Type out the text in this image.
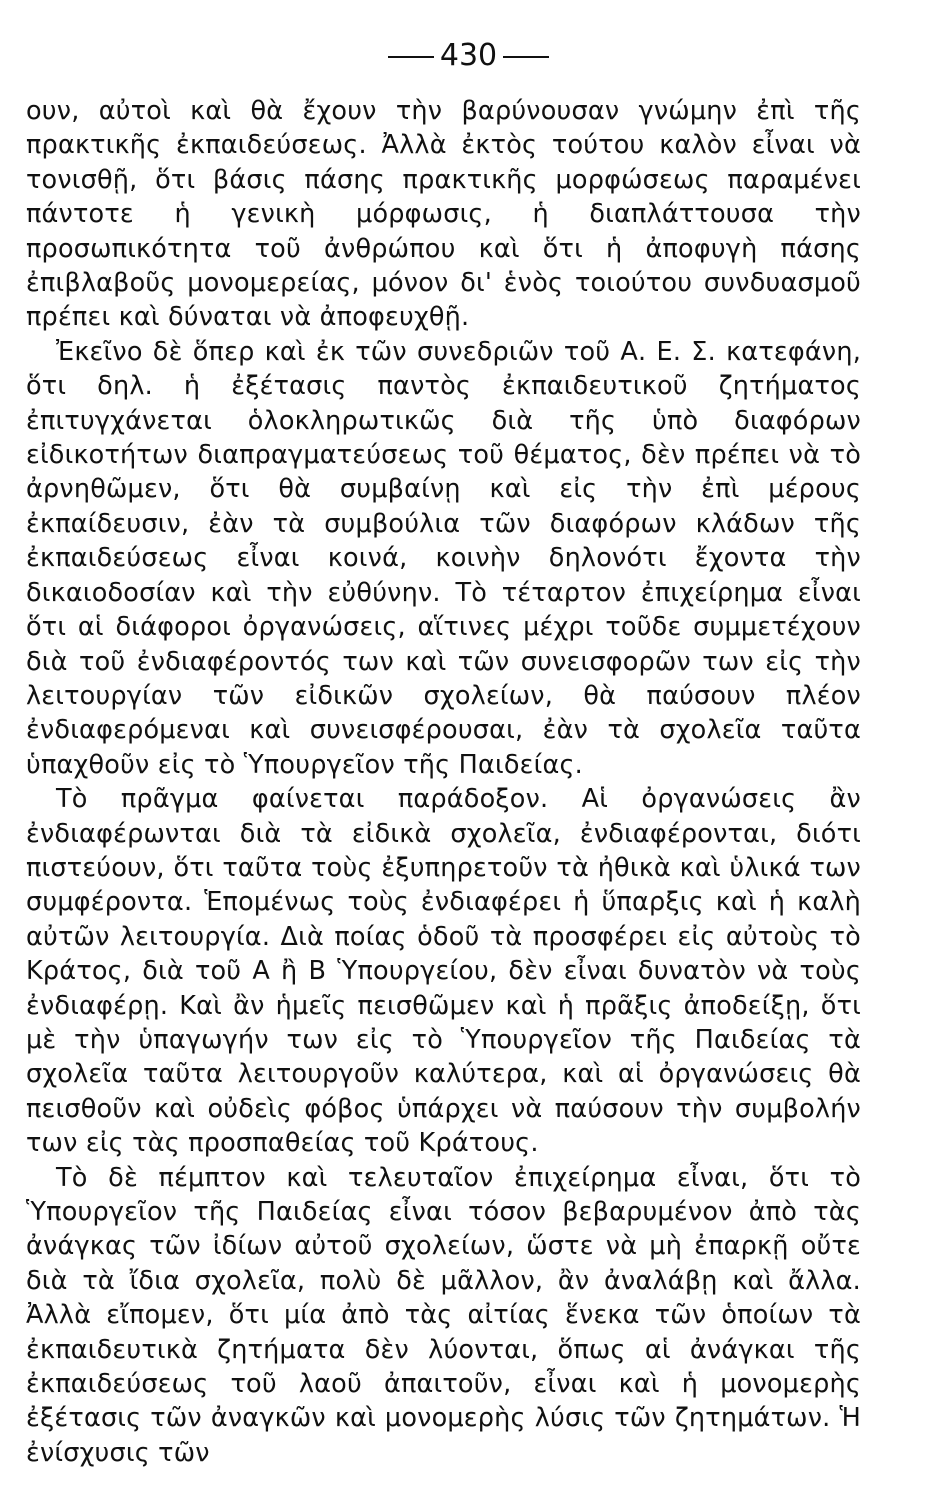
430

ουν, αὐτοὶ καὶ θὰ ἔχουν τὴν βαρύνουσαν γνώμην ἐπὶ τῆς πρακτικῆς ἐκπαιδεύσεως. Ἀλλὰ ἐκτὸς τούτου καλὸν εἶναι νὰ τονισθῇ, ὅτι βάσις πάσης πρακτικῆς μορφώσεως παραμένει πάντοτε ἡ γενικὴ μόρφωσις, ἡ διαπλάττουσα τὴν προσωπικότητα τοῦ ἀνθρώπου καὶ ὅτι ἡ ἀποφυγὴ πάσης ἐπιβλαβοῦς μονομερείας, μόνον δι' ἑνὸς τοιούτου συνδυασμοῦ πρέπει καὶ δύναται νὰ ἀποφευχθῇ.

Ἐκεῖνο δὲ ὅπερ καὶ ἐκ τῶν συνεδριῶν τοῦ Α. Ε. Σ. κατεφάνη, ὅτι δηλ. ἡ ἐξέτασις παντὸς ἐκπαιδευτικοῦ ζητήματος ἐπιτυγχάνεται ὁλοκληρωτικῶς διὰ τῆς ὑπὸ διαφόρων εἰδικοτήτων διαπραγματεύσεως τοῦ θέματος, δὲν πρέπει νὰ τὸ ἀρνηθῶμεν, ὅτι θὰ συμβαίνῃ καὶ εἰς τὴν ἐπὶ μέρους ἐκπαίδευσιν, ἐὰν τὰ συμβούλια τῶν διαφόρων κλάδων τῆς ἐκπαιδεύσεως εἶναι κοινά, κοινὴν δηλονότι ἔχοντα τὴν δικαιοδοσίαν καὶ τὴν εὐθύνην. Τὸ τέταρτον ἐπιχείρημα εἶναι ὅτι αἱ διάφοροι ὀργανώσεις, αἵτινες μέχρι τοῦδε συμμετέχουν διὰ τοῦ ἐνδιαφέροντός των καὶ τῶν συνεισφορῶν των εἰς τὴν λειτουργίαν τῶν εἰδικῶν σχολείων, θὰ παύσουν πλέον ἐνδιαφερόμεναι καὶ συνεισφέρουσαι, ἐὰν τὰ σχολεῖα ταῦτα ὑπαχθοῦν εἰς τὸ Ὑπουργεῖον τῆς Παιδείας.

Τὸ πρᾶγμα φαίνεται παράδοξον. Αἱ ὀργανώσεις ἂν ἐνδιαφέρωνται διὰ τὰ εἰδικὰ σχολεῖα, ἐνδιαφέρονται, διότι πιστεύουν, ὅτι ταῦτα τοὺς ἐξυπηρετοῦν τὰ ἠθικὰ καὶ ὑλικά των συμφέροντα. Ἑπομένως τοὺς ἐνδιαφέρει ἡ ὕπαρξις καὶ ἡ καλὴ αὐτῶν λειτουργία. Διὰ ποίας ὁδοῦ τὰ προσφέρει εἰς αὐτοὺς τὸ Κράτος, διὰ τοῦ Α ἢ Β Ὑπουργείου, δὲν εἶναι δυνατὸν νὰ τοὺς ἐνδιαφέρῃ. Καὶ ἂν ἡμεῖς πεισθῶμεν καὶ ἡ πρᾶξις ἀποδείξῃ, ὅτι μὲ τὴν ὑπαγωγήν των εἰς τὸ Ὑπουργεῖον τῆς Παιδείας τὰ σχολεῖα ταῦτα λειτουργοῦν καλύτερα, καὶ αἱ ὀργανώσεις θὰ πεισθοῦν καὶ οὐδεὶς φόβος ὑπάρχει νὰ παύσουν τὴν συμβολήν των εἰς τὰς προσπαθείας τοῦ Κράτους.

Τὸ δὲ πέμπτον καὶ τελευταῖον ἐπιχείρημα εἶναι, ὅτι τὸ Ὑπουργεῖον τῆς Παιδείας εἶναι τόσον βεβαρυμένον ἀπὸ τὰς ἀνάγκας τῶν ἰδίων αὐτοῦ σχολείων, ὥστε νὰ μὴ ἐπαρκῇ οὔτε διὰ τὰ ἴδια σχολεῖα, πολὺ δὲ μᾶλλον, ἂν ἀναλάβῃ καὶ ἄλλα. Ἀλλὰ εἴπομεν, ὅτι μία ἀπὸ τὰς αἰτίας ἕνεκα τῶν ὁποίων τὰ ἐκπαιδευτικὰ ζητήματα δὲν λύονται, ὅπως αἱ ἀνάγκαι τῆς ἐκπαιδεύσεως τοῦ λαοῦ ἀπαιτοῦν, εἶναι καὶ ἡ μονομερὴς ἐξέτασις τῶν ἀναγκῶν καὶ μονομερὴς λύσις τῶν ζητημάτων. Ἡ ἐνίσχυσις τῶν
